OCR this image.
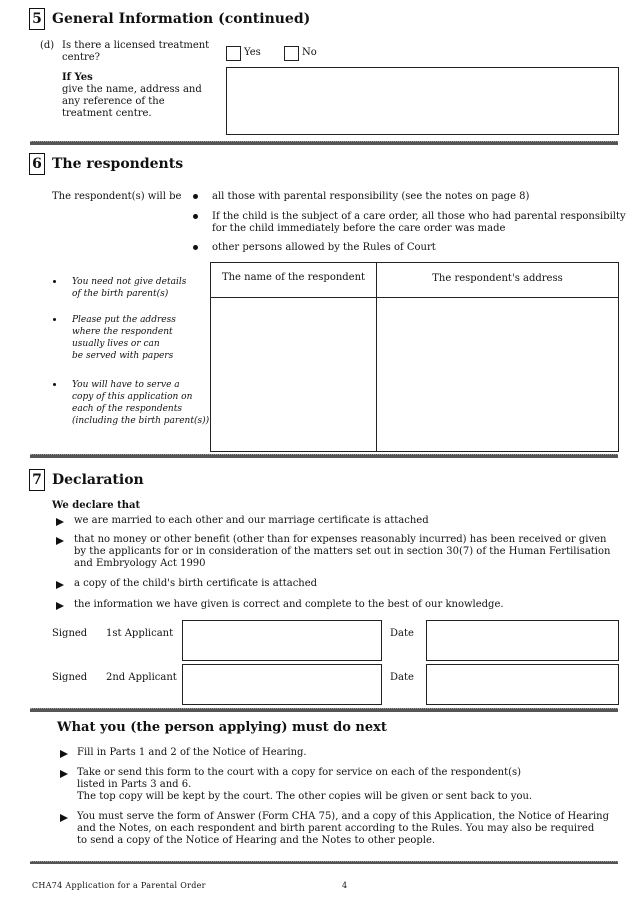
5 General Information (continued)
(d) Is there a licensed treatment
centre?	Yes	No
If Yes
give the name, address and
any reference of the
treatment centre.
6 The respondents
The respondent(s) will be	all those with parental responsibility (see the notes on page 8)
If the child is the subject of a care order, all those who had parental responsibilty
for the child immediately before the care order was made
other persons allowed by the Rules of Court
You need not give details
of the birth parent(s)
Please put the address
where the respondent
usually lives or can
be served with papers
You will have to serve a
copy of this application on
each of the respondents
(including the birth parent(s))
The name of the respondent	The respondent's address
7 Declaration
We declare that
we are married to each other and our marriage certificate is attached
that no money or other benefit (other than for expenses reasonably incurred) has been received or given
by the applicants for or in consideration of the matters set out in section 30(7) of the Human Fertilisation
and Embryology Act 1990
a copy of the child's birth certificate is attached
the information we have given is correct and complete to the best of our knowledge.
Signed 1st Applicant	Date
Signed 2nd Applicant	Date
What you (the person applying) must do next
Fill in Parts 1 and 2 of the Notice of Hearing.
Take or send this form to the court with a copy for service on each of the respondent(s)
listed in Parts 3 and 6.
The top copy will be kept by the court. The other copies will be given or sent back to you.
You must serve the form of Answer (Form CHA 75), and a copy of this Application, the Notice of Hearing
and the Notes, on each respondent and birth parent according to the Rules. You may also be required
to send a copy of the Notice of Hearing and the Notes to other people.
CHA74 Application for a Parental Order	4
